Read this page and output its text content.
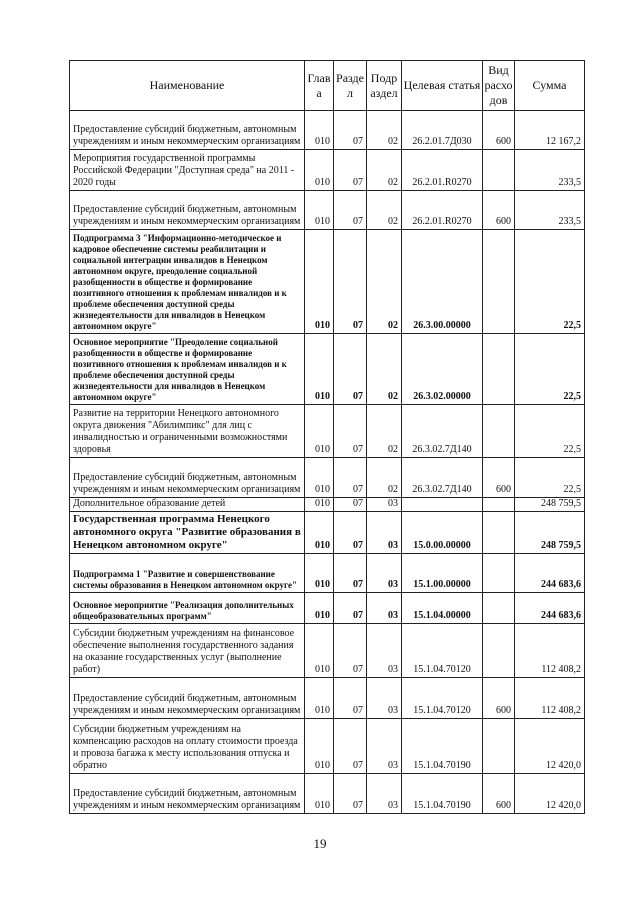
Наименование	Глав а	Разде л	Подр аздел	Целевая статья	Вид расхо дов	Сумма
Предоставление субсидий бюджетным, автономным учреждениям и иным некоммерческим организациям	010	07	02	26.2.01.7Д030	600	12 167,2
Мероприятия государственной программы Российской Федерации "Доступная среда" на 2011 - 2020 годы	010	07	02	26.2.01.R0270		233,5
Предоставление субсидий бюджетным, автономным учреждениям и иным некоммерческим организациям	010	07	02	26.2.01.R0270	600	233,5
Подпрограмма 3 "Информационно-методическое и кадровое обеспечение системы реабилитации и социальной интеграции инвалидов в Ненецком автономном округе, преодоление социальной разобщенности в обществе и формирование позитивного отношения к проблемам инвалидов и к проблеме обеспечения доступной среды жизнедеятельности для инвалидов в Ненецком автономном округе"	010	07	02	26.3.00.00000		22,5
Основное мероприятие "Преодоление социальной разобщенности в обществе и формирование позитивного отношения к проблемам инвалидов и к проблеме обеспечения доступной среды жизнедеятельности для инвалидов в Ненецком автономном округе"	010	07	02	26.3.02.00000		22,5
Развитие на территории Ненецкого автономного округа движения "Абилимпикс" для лиц с инвалидностью и ограниченными возможностями здоровья	010	07	02	26.3.02.7Д140		22,5
Предоставление субсидий бюджетным, автономным учреждениям и иным некоммерческим организациям	010	07	02	26.3.02.7Д140	600	22,5
Дополнительное образование детей	010	07	03			248 759,5
Государственная программа Ненецкого автономного округа "Развитие образования в Ненецком автономном округе"	010	07	03	15.0.00.00000		248 759,5
Подпрограмма 1 "Развитие и совершенствование системы образования в Ненецком автономном округе"	010	07	03	15.1.00.00000		244 683,6
Основное мероприятие "Реализация дополнительных общеобразовательных программ"	010	07	03	15.1.04.00000		244 683,6
Субсидии бюджетным учреждениям на финансовое обеспечение выполнения государственного задания на оказание государственных услуг (выполнение работ)	010	07	03	15.1.04.70120		112 408,2
Предоставление субсидий бюджетным, автономным учреждениям и иным некоммерческим организациям	010	07	03	15.1.04.70120	600	112 408,2
Субсидии бюджетным учреждениям на компенсацию расходов на оплату стоимости проезда и провоза багажа к месту использования отпуска и обратно	010	07	03	15.1.04.70190		12 420,0
Предоставление субсидий бюджетным, автономным учреждениям и иным некоммерческим организациям	010	07	03	15.1.04.70190	600	12 420,0
19
